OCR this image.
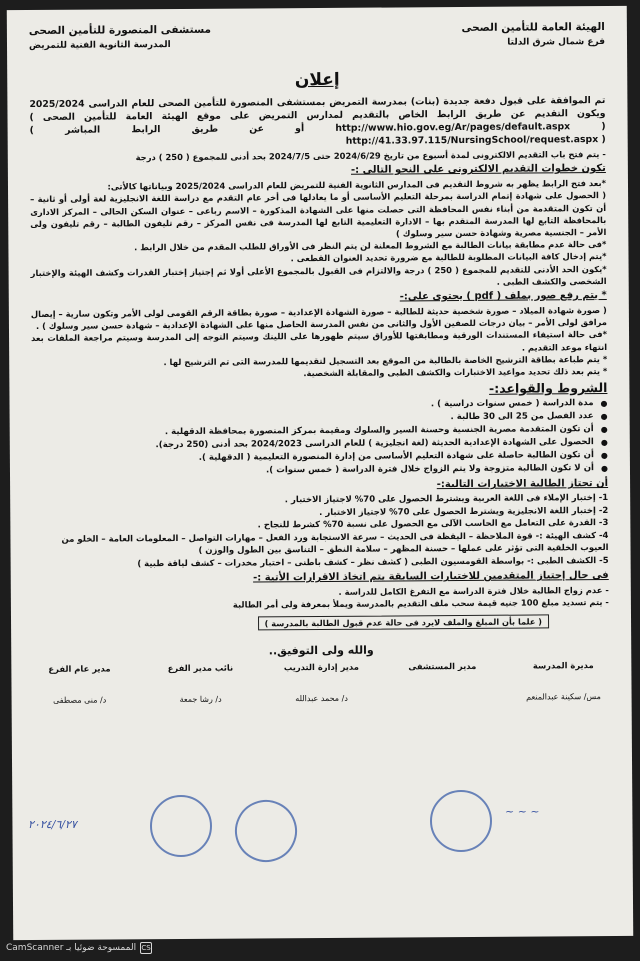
الهيئة العامة للتأمين الصحى
فرع شمال شرق الدلتا
مستشفى المنصورة للتأمين الصحى
المدرسة الثانوية الفنية للتمريض
إعلان
تم الموافقة على قبول دفعة جديدة (بنات) بمدرسة التمريض بمستشفى المنصورة للتأمين الصحى للعام الدراسى 2025/2024 ويكون التقديم عن طريق الرابط الخاص بالتقديم لمدارس التمريض على موقع الهيئة العامة للتأمين الصحى ( http://www.hio.gov.eg/Ar/pages/default.aspx ) أو عن طريق الرابط المباشر ( http://41.33.97.115/NursingSchool/request.aspx )
- يتم فتح باب التقديم الالكترونى لمدة أسبوع من تاريخ 2024/6/29 حتى 2024/7/5 بحد أدنى للمجموع ( 250 ) درجة
تكون خطوات التقديم الالكترونى على النحو التالى :-
*بعد فتح الرابط يظهر به شروط التقديم فى المدارس الثانوية الفنية للتمريض للعام الدراسى 2025/2024 وبياناتها كالأتى:
( الحصول على شهادة إتمام الدراسة بمرحلة التعليم الأساسى أو ما يعادلها فى أخر عام التقدم مع دراسة اللغة الانجليزية لغة أولى أو ثانية – أن تكون المتقدمة من أبناء نفس المحافظة التى حصلت منها على الشهادة المذكورة – الاسم رباعى – عنوان السكن الحالى – المركز الادارى بالمحافظة التابع لها المدرسة المتقدم بها – الادارة التعليمية التابع لها المدرسة فى نفس المركز – رقم تليفون الطالبة – رقم تليفون ولى الأمر – الجنسية مصرية وشهادة حسن سير وسلوك )
*فى حالة عدم مطابقة بيانات الطالبة مع الشروط المعلنة لن يتم النظر فى الأوراق للطلب المقدم من خلال الرابط .
*يتم إدخال كافة البيانات المطلوبة للطالبة مع ضرورة تحديد العنوان القطعى .
*يكون الحد الأدنى للتقديم للمجموع ( 250 ) درجة والالتزام فى القبول بالمجموع الأعلى أولا ثم إجتياز إختبار القدرات وكشف الهيئة والإختبار الشخصى والكشف الطبى .
* يتم رفع صور بملف ( pdf ) يحتوى على:-
( صورة شهادة الميلاد – صورة شخصية حديثة للطالبة – صورة الشهادة الإعدادية – صورة بطاقة الرقم القومى لولى الأمر وتكون سارية – إيصال مرافق لولى الأمر – بيان درجات للصفين الأول والثانى من نفس المدرسة الحاصل منها على الشهادة الإعدادية – شهادة حسن سير وسلوك ) .
*فى حالة استيفاء المستندات الورقية ومطابقتها للأوراق سيتم ظهورها على اللينك وسيتم التوجه إلى المدرسة وسيتم مراجعة الملفات بعد انتهاء موعد التقديم .
* يتم طباعة بطاقة الترشيح الخاصة بالطالبة من الموقع بعد التسجيل لتقديمها للمدرسة التى تم الترشيح لها .
* يتم بعد ذلك تحديد مواعيد الاختبارات والكشف الطبى والمقابلة الشخصية.
الشروط والقواعد:-
● مدة الدراسة ( خمس سنوات دراسية ) .
● عدد الفصل من 25 الى 30 طالبة .
● أن تكون المتقدمة مصرية الجنسية وحسنة السير والسلوك ومقيمة بمركز المنصورة بمحافظة الدقهلية .
● الحصول على الشهادة الإعدادية الحديثة (لغة انجليزية ) للعام الدراسى 2024/2023 بحد أدنى (250 درجة).
● أن تكون الطالبة حاصلة على شهادة التعليم الأساسى من إدارة المنصورة التعليمية ( الدقهلية ).
● أن لا تكون الطالبة متزوجة ولا يتم الزواج خلال فترة الدراسة ( خمس سنوات ).
أن تجتاز الطالبة الاختبارات التالية:-
1- إختبار الإملاء فى اللغة العربية ويشترط الحصول على 70% لاجتياز الاختبار .
2- إختبار اللغة الانجليزية ويشترط الحصول على 70% لاجتياز الاختبار .
3- القدرة على التعامل مع الحاسب الآلى مع الحصول على نسبة 70% كشرط للنجاح .
4- كشف الهيئة :- قوة الملاحظة – اليقظة فى الحديث – سرعة الاستجابة ورد الفعل – مهارات التواصل – المعلومات العامة – الخلو من العيوب الخلقية التى تؤثر على عملها – حسنة المظهر – سلامة النطق – التناسق بين الطول والوزن )
5- الكشف الطبى :- بواسطة القومسيون الطبى ( كشف نظر – كشف باطنى – اختبار مخدرات – كشف لياقة طبية )
فى حال إجتياز المتقدمين للاختبارات السابقة يتم اتخاذ الاقرارات الأتية :-
- عدم زواج الطالبة خلال فترة الدراسة مع التفرغ الكامل للدراسة .
- يتم تسديد مبلغ 100 جنيه قيمة سحب ملف التقديم بالمدرسة ويملأ بمعرفة ولى أمر الطالبة
( علما بأن المبلغ والملف لايرد فى حالة عدم قبول الطالبة بالمدرسة )
والله ولى التوفيق..
مديرة المدرسة
مس/ سكينة عبدالمنعم
مدير المستشفى
مدير إدارة التدريب
د/ محمد عبدالله
نائب مدير الفرع
د/ رشا جمعة
مدير عام الفرع
د/ منى مصطفى
~ ~ ~
٢٠٢٤/٦/٢٧
CS
الممسوحة ضوئيا بـ CamScanner
